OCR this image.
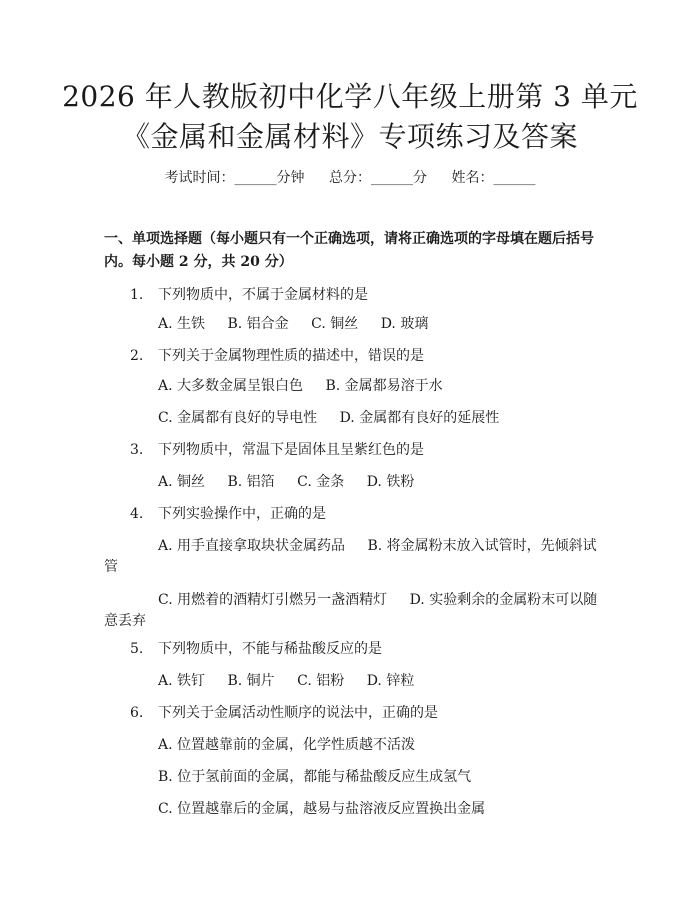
2026 年人教版初中化学八年级上册第 3 单元
《金属和金属材料》专项练习及答案
考试时间：______分钟 总分：______分 姓名：______
一、单项选择题（每小题只有一个正确选项，请将正确选项的字母填在题后括号内。每小题 2 分，共 20 分）
1. 下列物质中，不属于金属材料的是
A. 生铁 B. 铝合金 C. 铜丝 D. 玻璃
2. 下列关于金属物理性质的描述中，错误的是
A. 大多数金属呈银白色 B. 金属都易溶于水
C. 金属都有良好的导电性 D. 金属都有良好的延展性
3. 下列物质中，常温下是固体且呈紫红色的是
A. 铜丝 B. 铝箔 C. 金条 D. 铁粉
4. 下列实验操作中，正确的是
A. 用手直接拿取块状金属药品 B. 将金属粉末放入试管时，先倾斜试
管
C. 用燃着的酒精灯引燃另一盏酒精灯 D. 实验剩余的金属粉末可以随
意丢弃
5. 下列物质中，不能与稀盐酸反应的是
A. 铁钉 B. 铜片 C. 铝粉 D. 锌粒
6. 下列关于金属活动性顺序的说法中，正确的是
A. 位置越靠前的金属，化学性质越不活泼
B. 位于氢前面的金属，都能与稀盐酸反应生成氢气
C. 位置越靠后的金属，越易与盐溶液反应置换出金属
